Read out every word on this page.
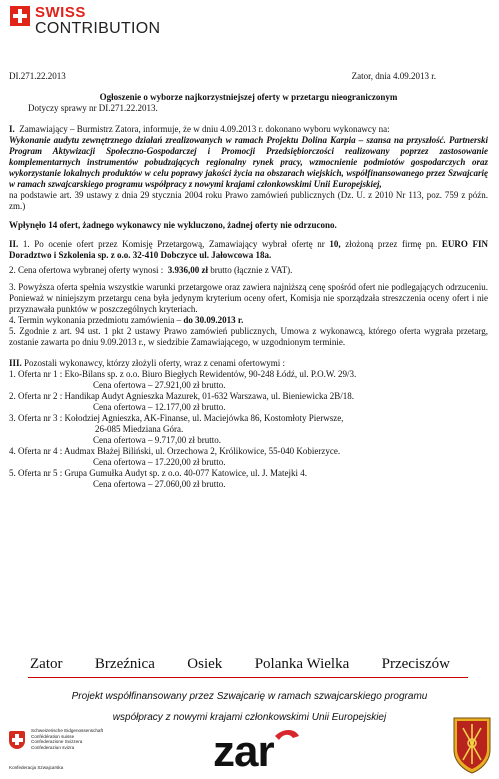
SWISS
CONTRIBUTION
DI.271.22.2013	Zator, dnia 4.09.2013 r.

Ogłoszenie o wyborze najkorzystniejszej oferty w przetargu nieograniczonym

Dotyczy sprawy nr DI.271.22.2013.

I. Zamawiający – Burmistrz Zatora, informuje, że w dniu 4.09.2013 r. dokonano wyboru wykonawcy na:

Wykonanie audytu zewnętrznego działań zrealizowanych w ramach Projektu Dolina Karpia – szansa na przyszłość. Partnerski Program Aktywizacji Społeczno-Gospodarczej i Promocji Przedsiębiorczości realizowany poprzez zastosowanie komplementarnych instrumentów pobudzających regionalny rynek pracy, wzmocnienie podmiotów gospodarczych oraz wykorzystanie lokalnych produktów w celu poprawy jakości życia na obszarach wiejskich, współfinansowanego przez Szwajcarię w ramach szwajcarskiego programu współpracy z nowymi krajami członkowskimi Unii Europejskiej,

na podstawie art. 39 ustawy z dnia 29 stycznia 2004 roku Prawo zamówień publicznych (Dz. U. z 2010 Nr 113, poz. 759 z późn. zm.)

Wpłynęło 14 ofert, żadnego wykonawcy nie wykluczono, żadnej oferty nie odrzucono.

II. 1. Po ocenie ofert przez Komisję Przetargową, Zamawiający wybrał ofertę nr 10, złożoną przez firmę pn. EURO FIN Doradztwo i Szkolenia sp. z o.o. 32-410 Dobczyce ul. Jałowcowa 18a.

2. Cena ofertowa wybranej oferty wynosi : 3.936,00 zł brutto (łącznie z VAT).

3. Powyższa oferta spełnia wszystkie warunki przetargowe oraz zawiera najniższą cenę spośród ofert nie podlegających odrzuceniu. Ponieważ w niniejszym przetargu cena była jedynym kryterium oceny ofert, Komisja nie sporządzała streszczenia oceny ofert i nie przyznawała punktów w poszczególnych kryteriach.

4. Termin wykonania przedmiotu zamówienia – do 30.09.2013 r.

5. Zgodnie z art. 94 ust. 1 pkt 2 ustawy Prawo zamówień publicznych, Umowa z wykonawcą, którego oferta wygrała przetarg, zostanie zawarta po dniu 9.09.2013 r., w siedzibie Zamawiającego, w uzgodnionym terminie.

III. Pozostali wykonawcy, którzy złożyli oferty, wraz z cenami ofertowymi :

1. Oferta nr 1 : Eko-Bilans sp. z o.o. Biuro Biegłych Rewidentów, 90-248 Łódź, ul. P.O.W. 29/3.

Cena ofertowa – 27.921,00 zł brutto.

2. Oferta nr 2 : Handikap Audyt Agnieszka Mazurek, 01-632 Warszawa, ul. Bieniewicka 2B/18.

Cena ofertowa – 12.177,00 zł brutto.

3. Oferta nr 3 : Kołodziej Agnieszka, AK-Finanse, ul. Maciejówka 86, Kostomłoty Pierwsze,

26-085 Miedziana Góra.

Cena ofertowa – 9.717,00 zł brutto.

4. Oferta nr 4 : Audmax Błażej Biliński, ul. Orzechowa 2, Królikowice, 55-040 Kobierzyce.

Cena ofertowa – 17.220,00 zł brutto.

5. Oferta nr 5 : Grupa Gumułka Audyt sp. z o.o. 40-077 Katowice, ul. J. Matejki 4.

Cena ofertowa – 27.060,00 zł brutto.

Zator Brzeźnica Osiek Polanka Wielka Przeciszów
Projekt współfinansowany przez Szwajcarię w ramach szwajcarskiego programu
współpracy z nowymi krajami członkowskimi Unii Europejskiej
Schweizerische Eidgenossenschaft
Confédération suisse
Confederazione Svizzera
Confederaziun svizra
Konfederacja Szwajcarska	zar
